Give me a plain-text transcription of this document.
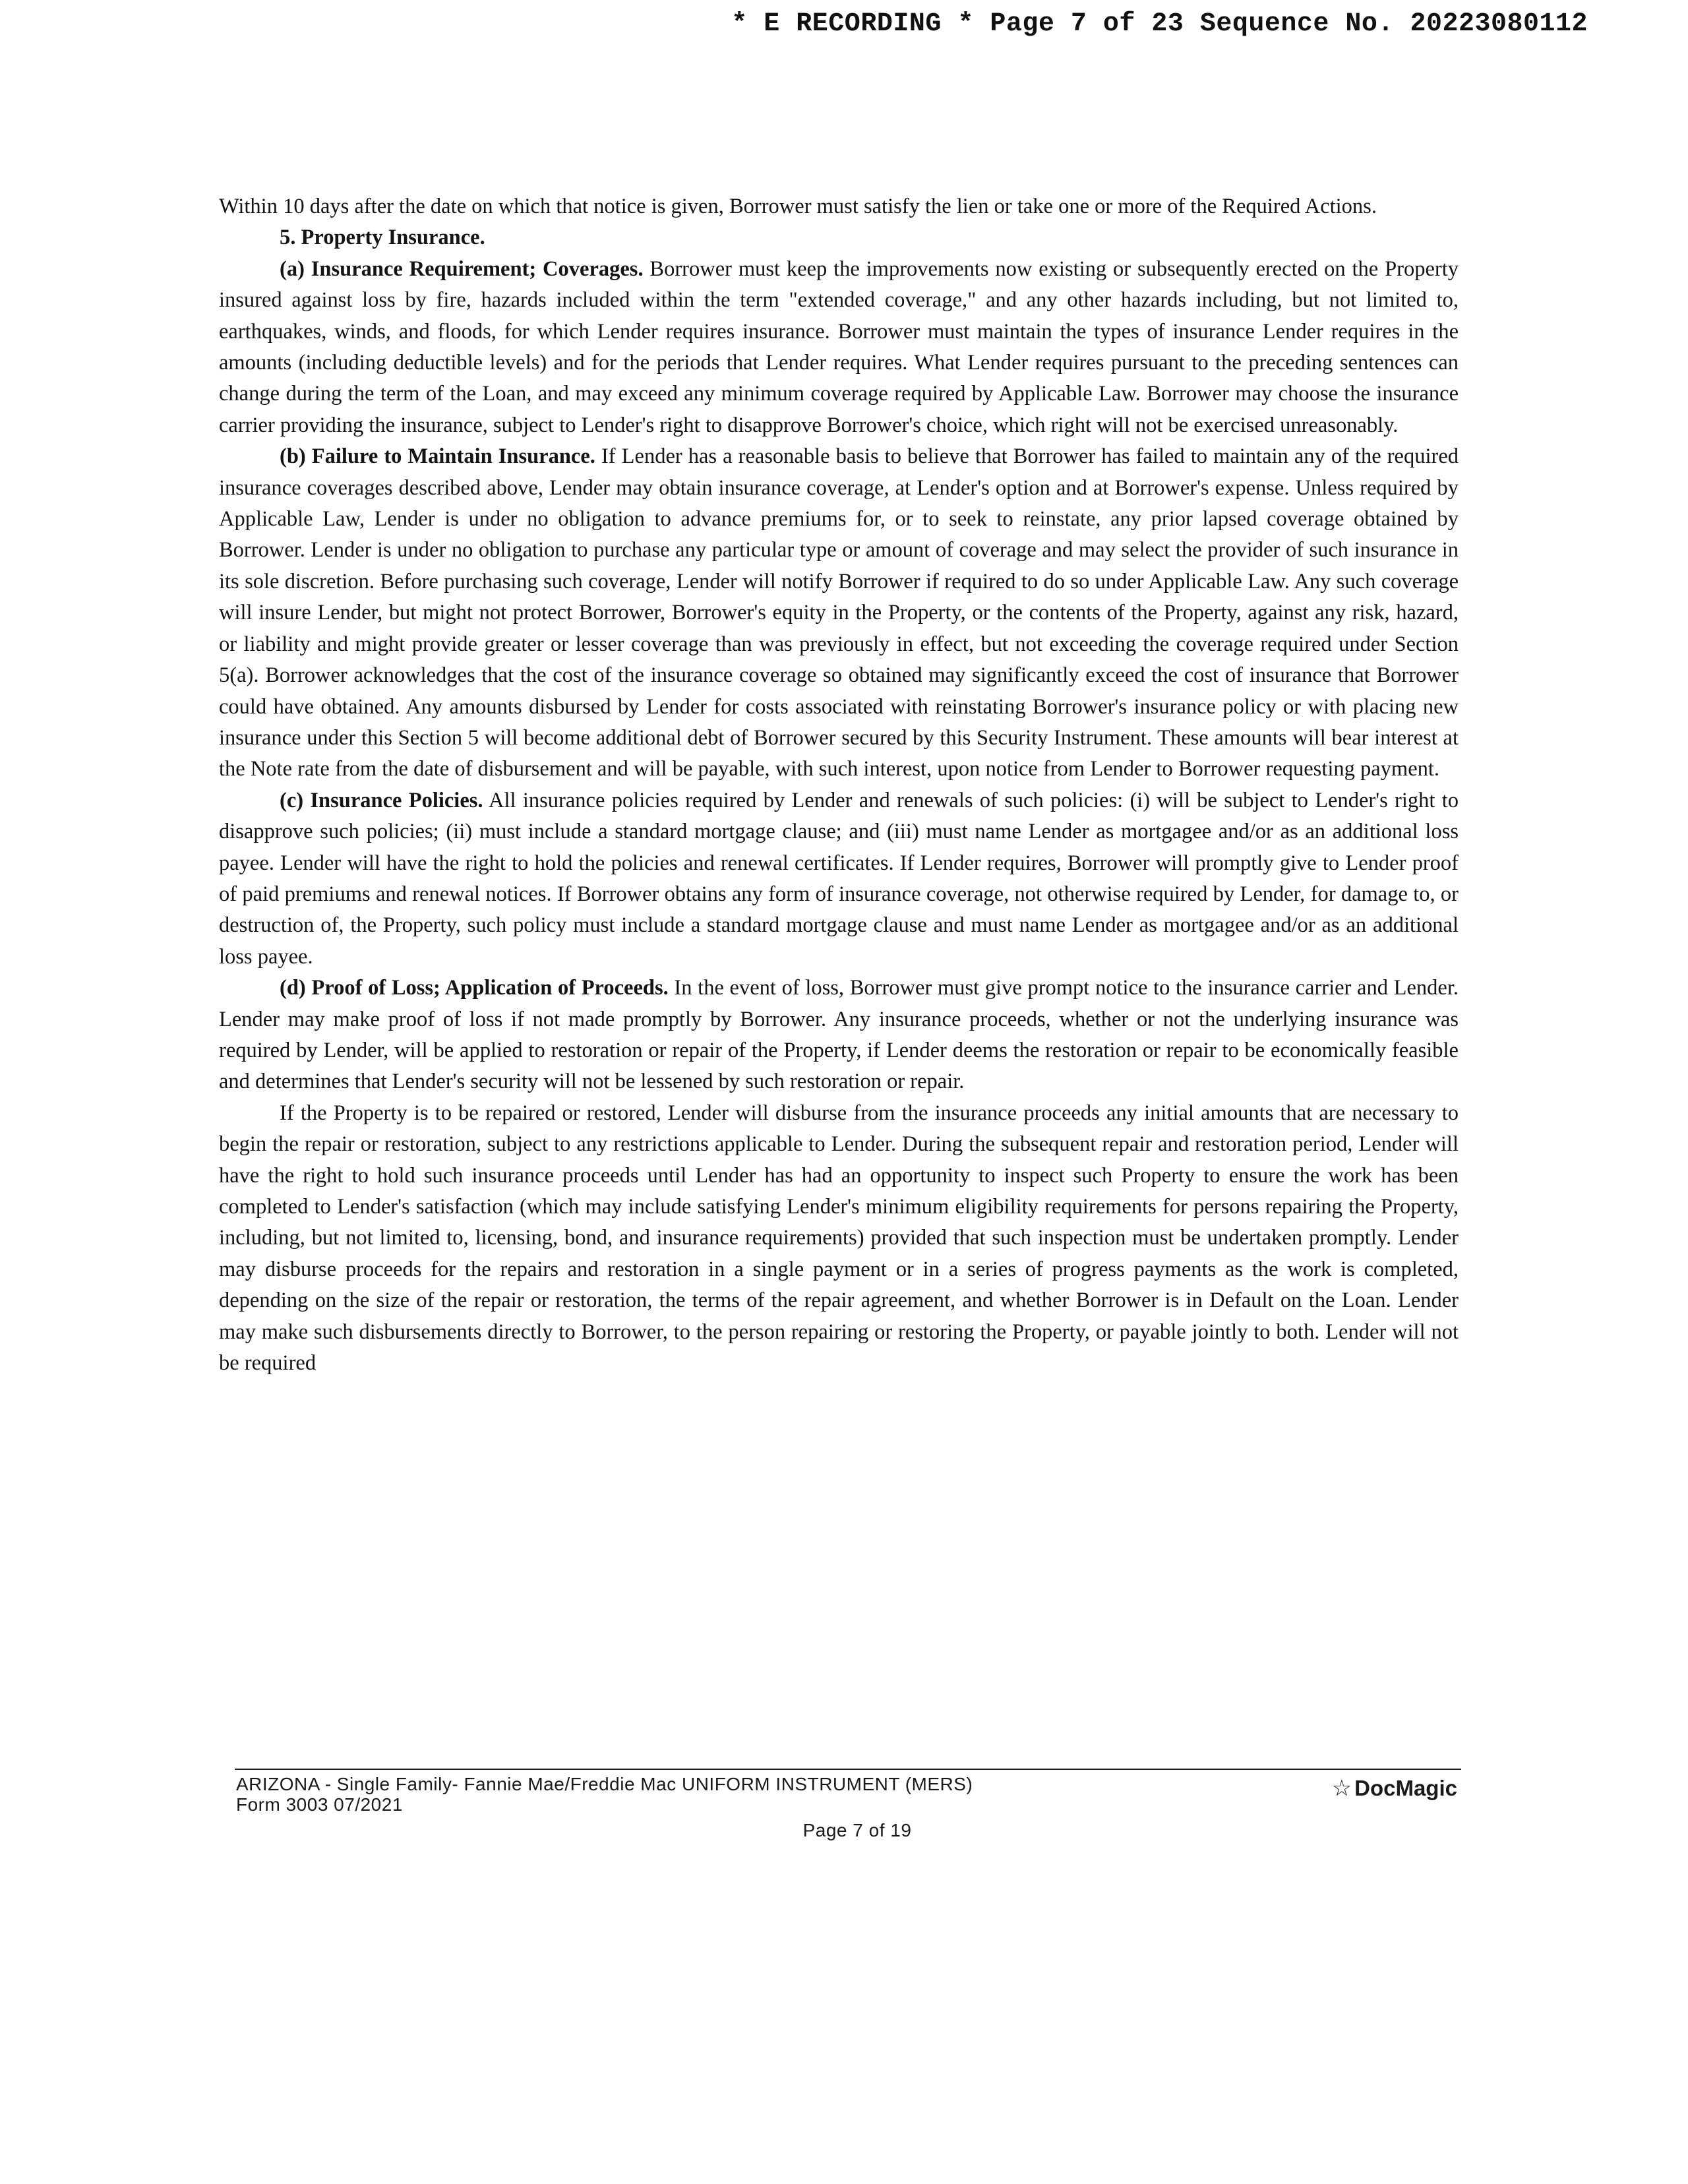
* E RECORDING * Page 7 of 23 Sequence No. 20223080112

Within 10 days after the date on which that notice is given, Borrower must satisfy the lien or take one or more of the Required Actions.

5. Property Insurance.

(a) Insurance Requirement; Coverages. Borrower must keep the improvements now existing or subsequently erected on the Property insured against loss by fire, hazards included within the term "extended coverage," and any other hazards including, but not limited to, earthquakes, winds, and floods, for which Lender requires insurance. Borrower must maintain the types of insurance Lender requires in the amounts (including deductible levels) and for the periods that Lender requires. What Lender requires pursuant to the preceding sentences can change during the term of the Loan, and may exceed any minimum coverage required by Applicable Law. Borrower may choose the insurance carrier providing the insurance, subject to Lender's right to disapprove Borrower's choice, which right will not be exercised unreasonably.

(b) Failure to Maintain Insurance. If Lender has a reasonable basis to believe that Borrower has failed to maintain any of the required insurance coverages described above, Lender may obtain insurance coverage, at Lender's option and at Borrower's expense. Unless required by Applicable Law, Lender is under no obligation to advance premiums for, or to seek to reinstate, any prior lapsed coverage obtained by Borrower. Lender is under no obligation to purchase any particular type or amount of coverage and may select the provider of such insurance in its sole discretion. Before purchasing such coverage, Lender will notify Borrower if required to do so under Applicable Law. Any such coverage will insure Lender, but might not protect Borrower, Borrower's equity in the Property, or the contents of the Property, against any risk, hazard, or liability and might provide greater or lesser coverage than was previously in effect, but not exceeding the coverage required under Section 5(a). Borrower acknowledges that the cost of the insurance coverage so obtained may significantly exceed the cost of insurance that Borrower could have obtained. Any amounts disbursed by Lender for costs associated with reinstating Borrower's insurance policy or with placing new insurance under this Section 5 will become additional debt of Borrower secured by this Security Instrument. These amounts will bear interest at the Note rate from the date of disbursement and will be payable, with such interest, upon notice from Lender to Borrower requesting payment.

(c) Insurance Policies. All insurance policies required by Lender and renewals of such policies: (i) will be subject to Lender's right to disapprove such policies; (ii) must include a standard mortgage clause; and (iii) must name Lender as mortgagee and/or as an additional loss payee. Lender will have the right to hold the policies and renewal certificates. If Lender requires, Borrower will promptly give to Lender proof of paid premiums and renewal notices. If Borrower obtains any form of insurance coverage, not otherwise required by Lender, for damage to, or destruction of, the Property, such policy must include a standard mortgage clause and must name Lender as mortgagee and/or as an additional loss payee.

(d) Proof of Loss; Application of Proceeds. In the event of loss, Borrower must give prompt notice to the insurance carrier and Lender. Lender may make proof of loss if not made promptly by Borrower. Any insurance proceeds, whether or not the underlying insurance was required by Lender, will be applied to restoration or repair of the Property, if Lender deems the restoration or repair to be economically feasible and determines that Lender's security will not be lessened by such restoration or repair.

If the Property is to be repaired or restored, Lender will disburse from the insurance proceeds any initial amounts that are necessary to begin the repair or restoration, subject to any restrictions applicable to Lender. During the subsequent repair and restoration period, Lender will have the right to hold such insurance proceeds until Lender has had an opportunity to inspect such Property to ensure the work has been completed to Lender's satisfaction (which may include satisfying Lender's minimum eligibility requirements for persons repairing the Property, including, but not limited to, licensing, bond, and insurance requirements) provided that such inspection must be undertaken promptly. Lender may disburse proceeds for the repairs and restoration in a single payment or in a series of progress payments as the work is completed, depending on the size of the repair or restoration, the terms of the repair agreement, and whether Borrower is in Default on the Loan. Lender may make such disbursements directly to Borrower, to the person repairing or restoring the Property, or payable jointly to both. Lender will not be required

ARIZONA - Single Family- Fannie Mae/Freddie Mac UNIFORM INSTRUMENT (MERS)
Form 3003 07/2021
☆ DocMagic
Page 7 of 19
